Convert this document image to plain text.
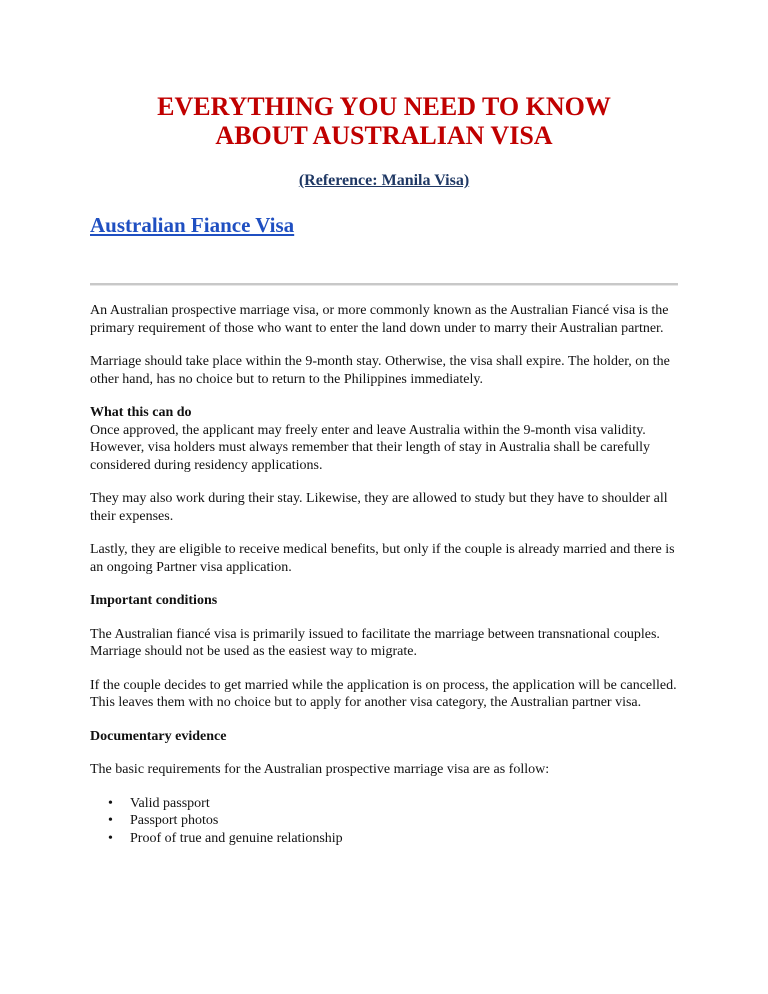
EVERYTHING YOU NEED TO KNOW
ABOUT AUSTRALIAN VISA

(Reference: Manila Visa)

Australian Fiance Visa

An Australian prospective marriage visa, or more commonly known as the Australian Fiancé visa is the primary requirement of those who want to enter the land down under to marry their Australian partner.

Marriage should take place within the 9-month stay. Otherwise, the visa shall expire. The holder, on the other hand, has no choice but to return to the Philippines immediately.

What this can do

Once approved, the applicant may freely enter and leave Australia within the 9-month visa validity. However, visa holders must always remember that their length of stay in Australia shall be carefully considered during residency applications.

They may also work during their stay. Likewise, they are allowed to study but they have to shoulder all their expenses.

Lastly, they are eligible to receive medical benefits, but only if the couple is already married and there is an ongoing Partner visa application.

Important conditions

The Australian fiancé visa is primarily issued to facilitate the marriage between transnational couples. Marriage should not be used as the easiest way to migrate.

If the couple decides to get married while the application is on process, the application will be cancelled. This leaves them with no choice but to apply for another visa category, the Australian partner visa.

Documentary evidence

The basic requirements for the Australian prospective marriage visa are as follow:

• Valid passport
• Passport photos
• Proof of true and genuine relationship
